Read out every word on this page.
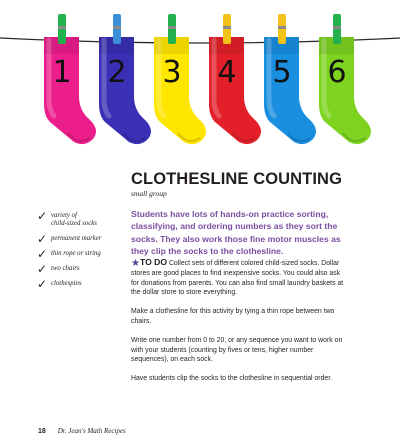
1 2 3 4 5 6
CLOTHESLINE COUNTING
small group
✓ variety of
child-sized socks
✓ permanent marker
✓ thin rope or string
✓ two chairs
✓ clothespins

Students have lots of hands-on practice sorting, classifying, and ordering numbers as they sort the socks. They also work those fine motor muscles as they clip the socks to the clothesline.

★TO DO Collect sets of different colored child-sized socks. Dollar stores are good places to find inexpensive socks. You could also ask for donations from parents. You can also find small laundry baskets at the dollar store to store everything.

Make a clothesline for this activity by tying a thin rope between two chairs.

Write one number from 0 to 20, or any sequence you want to work on with your students (counting by fives or tens, higher number sequences), on each sock.

Have students clip the socks to the clothesline in sequential order.

18 Dr. Jean's Math Recipes
